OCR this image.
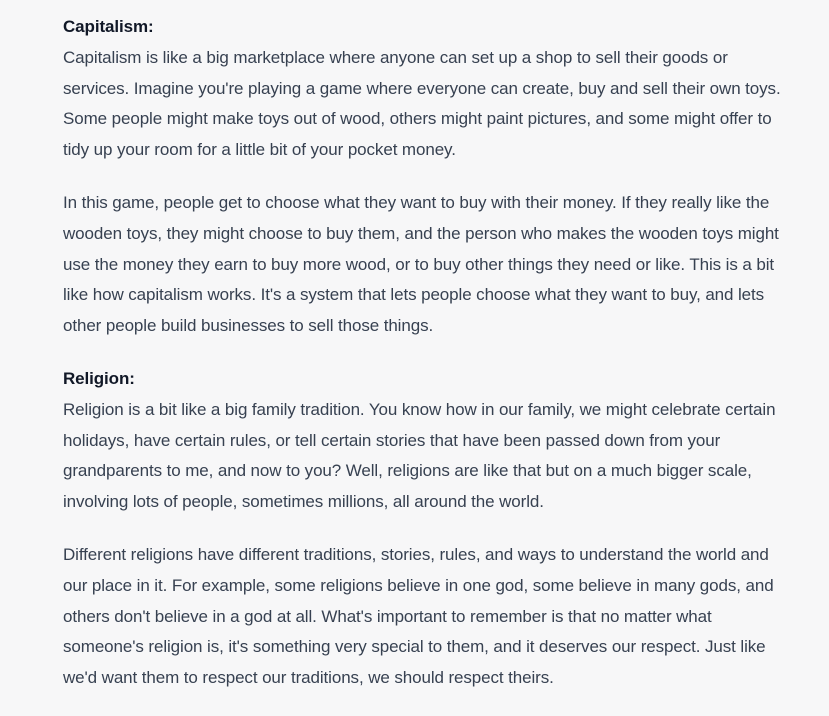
Capitalism:
Capitalism is like a big marketplace where anyone can set up a shop to sell their goods or services. Imagine you're playing a game where everyone can create, buy and sell their own toys. Some people might make toys out of wood, others might paint pictures, and some might offer to tidy up your room for a little bit of your pocket money.

In this game, people get to choose what they want to buy with their money. If they really like the wooden toys, they might choose to buy them, and the person who makes the wooden toys might use the money they earn to buy more wood, or to buy other things they need or like. This is a bit like how capitalism works. It's a system that lets people choose what they want to buy, and lets other people build businesses to sell those things.

Religion:
Religion is a bit like a big family tradition. You know how in our family, we might celebrate certain holidays, have certain rules, or tell certain stories that have been passed down from your grandparents to me, and now to you? Well, religions are like that but on a much bigger scale, involving lots of people, sometimes millions, all around the world.

Different religions have different traditions, stories, rules, and ways to understand the world and our place in it. For example, some religions believe in one god, some believe in many gods, and others don't believe in a god at all. What's important to remember is that no matter what someone's religion is, it's something very special to them, and it deserves our respect. Just like we'd want them to respect our traditions, we should respect theirs.
